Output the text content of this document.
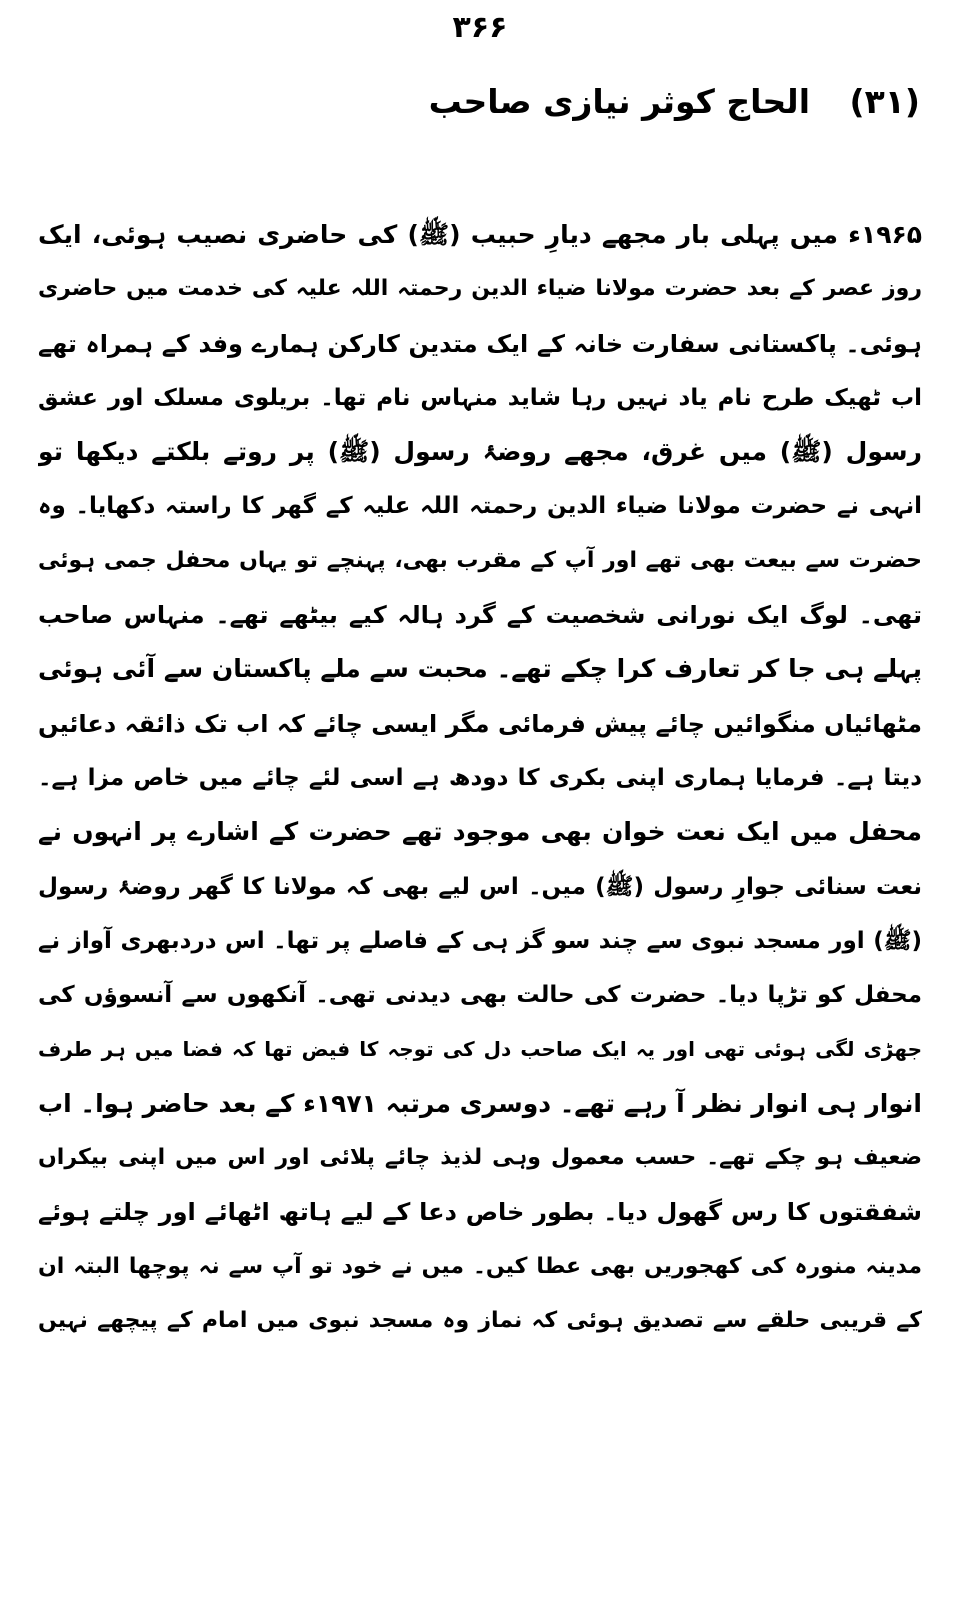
۳۶۶
(۳۱) الحاج کوثر نیازی صاحب
۱۹۶۵ء میں پہلی بار مجھے دیارِ حبیب (ﷺ) کی حاضری نصیب ہوئی، ایک
روز عصر کے بعد حضرت مولانا ضیاء الدین رحمتہ اللہ علیہ کی خدمت میں حاضری
ہوئی۔ پاکستانی سفارت خانہ کے ایک متدین کارکن ہمارے وفد کے ہمراہ تھے
اب ٹھیک طرح نام یاد نہیں رہا شاید منہاس نام تھا۔ بریلوی مسلک اور عشق
رسول (ﷺ) میں غرق، مجھے روضۂ رسول (ﷺ) پر روتے بلکتے دیکھا تو
انہی نے حضرت مولانا ضیاء الدین رحمتہ اللہ علیہ کے گھر کا راستہ دکھایا۔ وہ
حضرت سے بیعت بھی تھے اور آپ کے مقرب بھی، پہنچے تو یہاں محفل جمی ہوئی
تھی۔ لوگ ایک نورانی شخصیت کے گرد ہالہ کیے بیٹھے تھے۔ منہاس صاحب
پہلے ہی جا کر تعارف کرا چکے تھے۔ محبت سے ملے پاکستان سے آئی ہوئی
مٹھائیاں منگوائیں چائے پیش فرمائی مگر ایسی چائے کہ اب تک ذائقہ دعائیں
دیتا ہے۔ فرمایا ہماری اپنی بکری کا دودھ ہے اسی لئے چائے میں خاص مزا ہے۔
محفل میں ایک نعت خوان بھی موجود تھے حضرت کے اشارے پر انہوں نے
نعت سنائی جوارِ رسول (ﷺ) میں۔ اس لیے بھی کہ مولانا کا گھر روضۂ رسول
(ﷺ) اور مسجد نبوی سے چند سو گز ہی کے فاصلے پر تھا۔ اس دردبھری آواز نے
محفل کو تڑپا دیا۔ حضرت کی حالت بھی دیدنی تھی۔ آنکھوں سے آنسوؤں کی
جھڑی لگی ہوئی تھی اور یہ ایک صاحب دل کی توجہ کا فیض تھا کہ فضا میں ہر طرف
انوار ہی انوار نظر آ رہے تھے۔ دوسری مرتبہ ۱۹۷۱ء کے بعد حاضر ہوا۔ اب
ضعیف ہو چکے تھے۔ حسب معمول وہی لذیذ چائے پلائی اور اس میں اپنی بیکراں
شفقتوں کا رس گھول دیا۔ بطور خاص دعا کے لیے ہاتھ اٹھائے اور چلتے ہوئے
مدینہ منورہ کی کھجوریں بھی عطا کیں۔ میں نے خود تو آپ سے نہ پوچھا البتہ ان
کے قریبی حلقے سے تصدیق ہوئی کہ نماز وہ مسجد نبوی میں امام کے پیچھے نہیں
